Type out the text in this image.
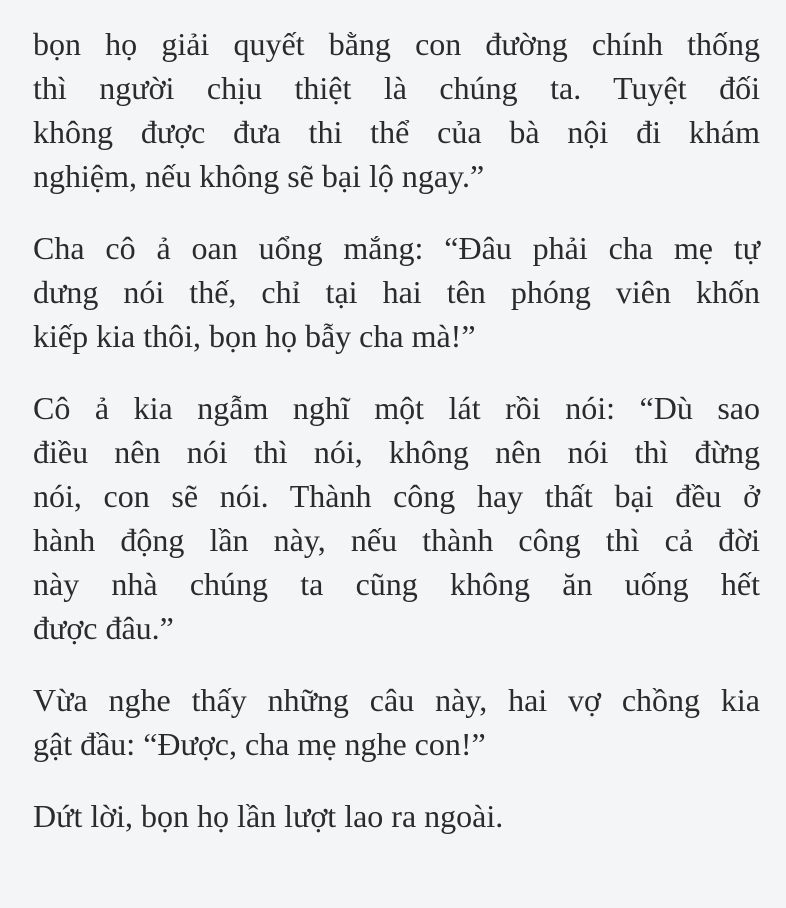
bọn họ giải quyết bằng con đường chính thống
thì người chịu thiệt là chúng ta. Tuyệt đối
không được đưa thi thể của bà nội đi khám
nghiệm, nếu không sẽ bại lộ ngay.”

Cha cô ả oan uổng mắng: “Đâu phải cha mẹ tự
dưng nói thế, chỉ tại hai tên phóng viên khốn
kiếp kia thôi, bọn họ bẫy cha mà!”

Cô ả kia ngẫm nghĩ một lát rồi nói: “Dù sao
điều nên nói thì nói, không nên nói thì đừng
nói, con sẽ nói. Thành công hay thất bại đều ở
hành động lần này, nếu thành công thì cả đời
này nhà chúng ta cũng không ăn uống hết
được đâu.”

Vừa nghe thấy những câu này, hai vợ chồng kia
gật đầu: “Được, cha mẹ nghe con!”

Dứt lời, bọn họ lần lượt lao ra ngoài.
